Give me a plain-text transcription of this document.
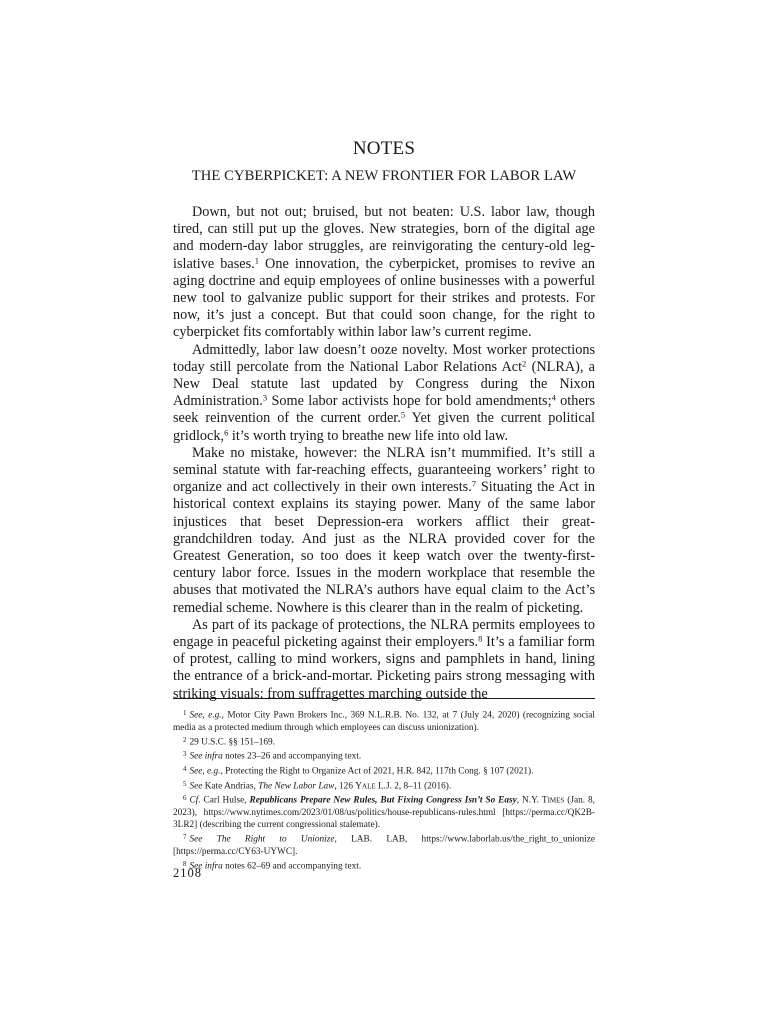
NOTES
THE CYBERPICKET: A NEW FRONTIER FOR LABOR LAW

Down, but not out; bruised, but not beaten: U.S. labor law, though tired, can still put up the gloves. New strategies, born of the digital age and modern-day labor struggles, are reinvigorating the century-old legislative bases.$^1$ One innovation, the cyberpicket, promises to revive an aging doctrine and equip employees of online businesses with a powerful new tool to galvanize public support for their strikes and protests. For now, it’s just a concept. But that could soon change, for the right to cyberpicket fits comfortably within labor law’s current regime.

Admittedly, labor law doesn’t ooze novelty. Most worker protections today still percolate from the National Labor Relations Act$^2$ (NLRA), a New Deal statute last updated by Congress during the Nixon Administration.$^3$ Some labor activists hope for bold amendments;$^4$ others seek reinvention of the current order.$^5$ Yet given the current political gridlock,$^6$ it’s worth trying to breathe new life into old law.

Make no mistake, however: the NLRA isn’t mummified. It’s still a seminal statute with far-reaching effects, guaranteeing workers’ right to organize and act collectively in their own interests.$^7$ Situating the Act in historical context explains its staying power. Many of the same labor injustices that beset Depression-era workers afflict their great-grandchildren today. And just as the NLRA provided cover for the Greatest Generation, so too does it keep watch over the twenty-first-century labor force. Issues in the modern workplace that resemble the abuses that motivated the NLRA’s authors have equal claim to the Act’s remedial scheme. Nowhere is this clearer than in the realm of picketing.

As part of its package of protections, the NLRA permits employees to engage in peaceful picketing against their employers.$^8$ It’s a familiar form of protest, calling to mind workers, signs and pamphlets in hand, lining the entrance of a brick-and-mortar. Picketing pairs strong messaging with striking visuals: from suffragettes marching outside the

$^1$ See, e.g., Motor City Pawn Brokers Inc., 369 N.L.R.B. No. 132, at 7 (July 24, 2020) (recognizing social media as a protected medium through which employees can discuss unionization).

$^2$ 29 U.S.C. §§ 151–169.

$^3$ See infra notes 23–26 and accompanying text.

$^4$ See, e.g., Protecting the Right to Organize Act of 2021, H.R. 842, 117th Cong. § 107 (2021).

$^5$ See Kate Andrias, The New Labor Law, 126 Yale L.J. 2, 8–11 (2016).

$^6$ Cf. Carl Hulse, Republicans Prepare New Rules, But Fixing Congress Isn’t So Easy, N.Y. Times (Jan. 8, 2023), https://www.nytimes.com/2023/01/08/us/politics/house-republicans-rules.html [https://perma.cc/QK2B-3LR2] (describing the current congressional stalemate).

$^7$ See The Right to Unionize, LAB. LAB, https://www.laborlab.us/the_right_to_unionize [https://perma.cc/CY63-UYWC].

$^8$ See infra notes 62–69 and accompanying text.

2108
